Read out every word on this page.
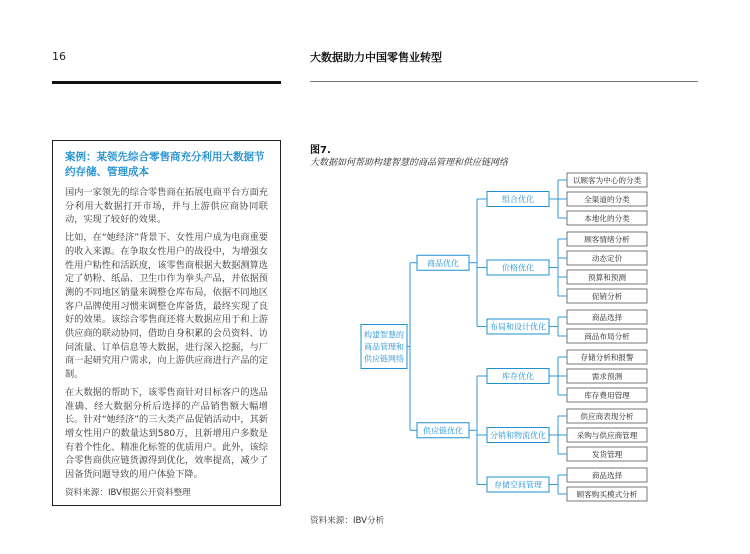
16	大数据助力中国零售业转型

案例：某领先综合零售商充分利用大数据节约存储、管理成本

国内一家领先的综合零售商在拓展电商平台方面充分利用大数据打开市场，并与上游供应商协同联动，实现了较好的效果。

比如，在“她经济”背景下、女性用户成为电商重要的收入来源。在争取女性用户的战役中，为增强女性用户粘性和活跃度，该零售商根据大数据测算选定了奶粉、纸品、卫生巾作为拳头产品，并依据预测的不同地区销量来调整仓库布局，依据不同地区客户品牌使用习惯来调整仓库备货，最终实现了良好的效果。该综合零售商还将大数据应用于和上游 供应商的联动协同，借助自身积累的会员资料、访问流量、订单信息等大数据，进行深入挖掘，与厂商一起研究用户需求，向上游供应商进行产品的定制。

在大数据的帮助下，该零售商针对目标客户的选品准确、经大数据分析后选择的产品销售额大幅增长。针对“她经济”的三大类产品促销活动中，其新增女性用户的数量达到580万，且新增用户多数是有着个性化、精准化标签的优质用户。此外，该综合零售商供应链货源得到优化，效率提高，减少了因备货问题导致的用户体验下降。

资料来源：IBV根据公开资料整理
图7.
大数据如何帮助构建智慧的商品管理和供应链网络
资料来源：IBV分析
以顾客为中心的分类
全渠道的分类
本地化的分类
组合优化
顾客情绪分析
动态定价
预算和预测
促销分析
价格优化
商品选择
商品布局分析
布局和设计优化
商品优化
存储分析和报警
需求预测
库存费用管理
库存优化
供应商表现分析
采购与供应商管理
发货管理
分销和物流优化
商品选择
顾客购买模式分析
存储空间管理
供应链优化
构建智慧的
商品管理和
供应链网络
